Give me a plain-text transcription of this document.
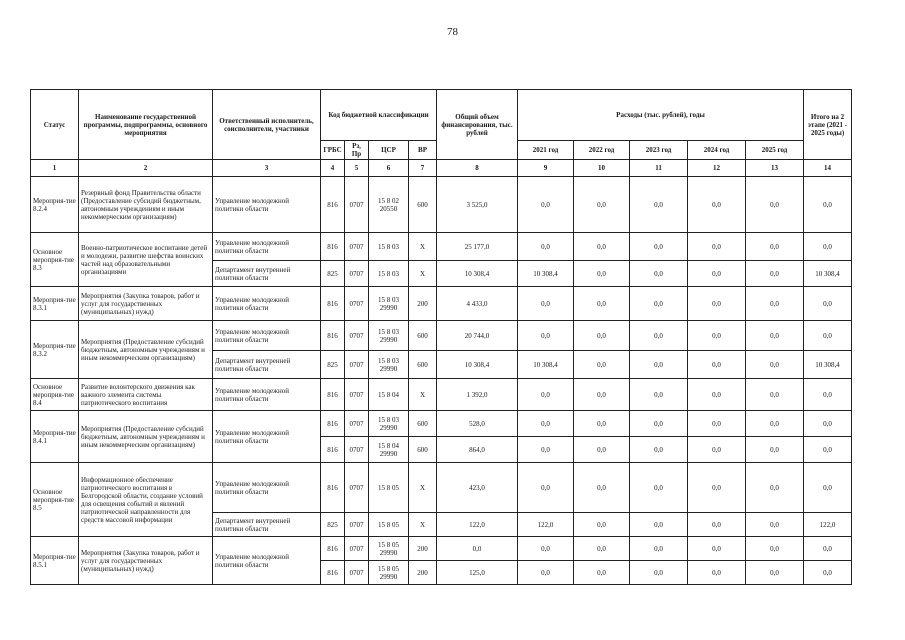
78
Статус	Наименование государственной программы, подпрограммы, основного мероприятия	Ответственный исполнитель, соисполнители, участники	Код бюджетной классификации				Общий объем финансирования, тыс. рублей	Расходы (тыс. рублей), годы					Итого на 2 этапе (2021 - 2025 годы)
			ГРБС	Рз, Пр	ЦСР	ВР		2021 год	2022 год	2023 год	2024 год	2025 год	
1	2	3	4	5	6	7	8	9	10	11	12	13	14
Мероприя-тие 8.2.4	Резервный фонд Правительства области (Предоставление субсидий бюджетным, автономным учреждениям и иным некоммерческим организациям)	Управление молодежной политики области	816	0707	15 8 02 20550	600	3 525,0	0,0	0,0	0,0	0,0	0,0	0,0
Основное мероприя-тие 8.3	Военно-патриотическое воспитание детей и молодежи, развитие шефства воинских частей над образовательными организациями	Управление молодежной политики области	816	0707	15 8 03	Х	25 177,0	0,0	0,0	0,0	0,0	0,0	0,0
		Департамент внутренней политики области	825	0707	15 8 03	Х	10 308,4	10 308,4	0,0	0,0	0,0	0,0	10 308,4
Мероприя-тие 8.3.1	Мероприятия (Закупка товаров, работ и услуг для государственных (муниципальных) нужд)	Управление молодежной политики области	816	0707	15 8 03 29990	200	4 433,0	0,0	0,0	0,0	0,0	0,0	0,0
Мероприя-тие 8.3.2	Мероприятия (Предоставление субсидий бюджетным, автономным учреждениям и иным некоммерческим организациям)	Управление молодежной политики области	816	0707	15 8 03 29990	600	20 744,0	0,0	0,0	0,0	0,0	0,0	0,0
		Департамент внутренней политики области	825	0707	15 8 03 29990	600	10 308,4	10 308,4	0,0	0,0	0,0	0,0	10 308,4
Основное мероприя-тие 8.4	Развитие волонтерского движения как важного элемента системы патриотического воспитания	Управление молодежной политики области	816	0707	15 8 04	Х	1 392,0	0,0	0,0	0,0	0,0	0,0	0,0
Мероприя-тие 8.4.1	Мероприятия (Предоставление субсидий бюджетным, автономным учреждениям и иным некоммерческим организациям)	Управление молодежной политики области	816	0707	15 8 03 29990	600	528,0	0,0	0,0	0,0	0,0	0,0	0,0
			816	0707	15 8 04 29990	600	864,0	0,0	0,0	0,0	0,0	0,0	0,0
Основное мероприя-тие 8.5	Информационное обеспечение патриотического воспитания в Белгородской области, создание условий для освещения событий и явлений патриотической направленности для средств массовой информации	Управление молодежной политики области	816	0707	15 8 05	Х	423,0	0,0	0,0	0,0	0,0	0,0	0,0
		Департамент внутренней политики области	825	0707	15 8 05	Х	122,0	122,0	0,0	0,0	0,0	0,0	122,0
Мероприя-тие 8.5.1	Мероприятия (Закупка товаров, работ и услуг для государственных (муниципальных) нужд)	Управление молодежной политики области	816	0707	15 8 05 29990	200	0,0	0,0	0,0	0,0	0,0	0,0	0,0
			816	0707	15 8 05 29990	200	125,0	0,0	0,0	0,0	0,0	0,0	0,0
